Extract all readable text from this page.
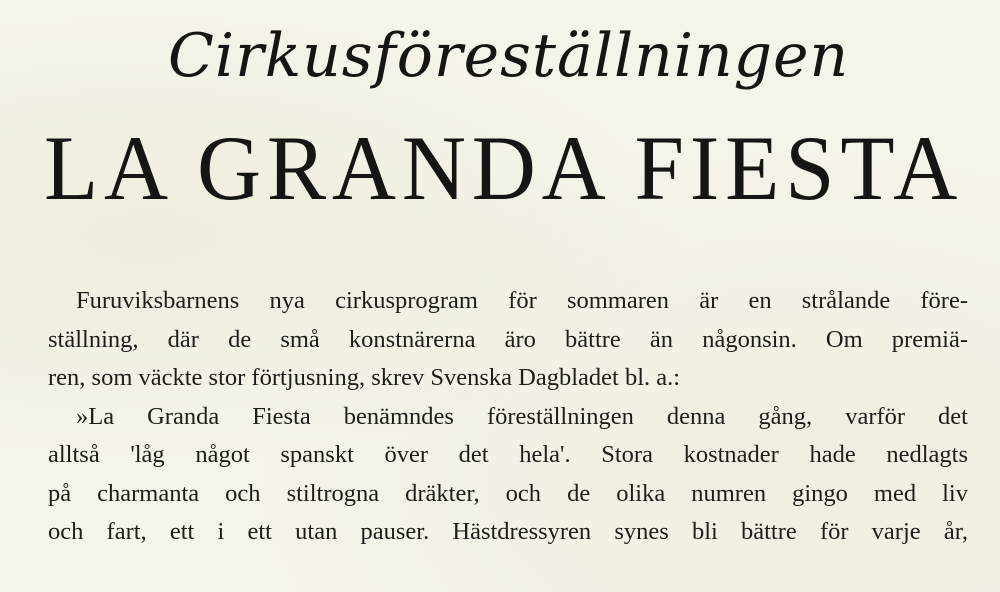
Cirkusföreställningen
LA GRANDA FIESTA
Furuviksbarnens nya cirkusprogram för sommaren är en strålande före-
ställning, där de små konstnärerna äro bättre än någonsin. Om premiä-
ren, som väckte stor förtjusning, skrev Svenska Dagbladet bl. a.:
»La Granda Fiesta benämndes föreställningen denna gång, varför det
alltså 'låg något spanskt över det hela'. Stora kostnader hade nedlagts
på charmanta och stiltrogna dräkter, och de olika numren gingo med liv
och fart, ett i ett utan pauser. Hästdressyren synes bli bättre för varje år,
